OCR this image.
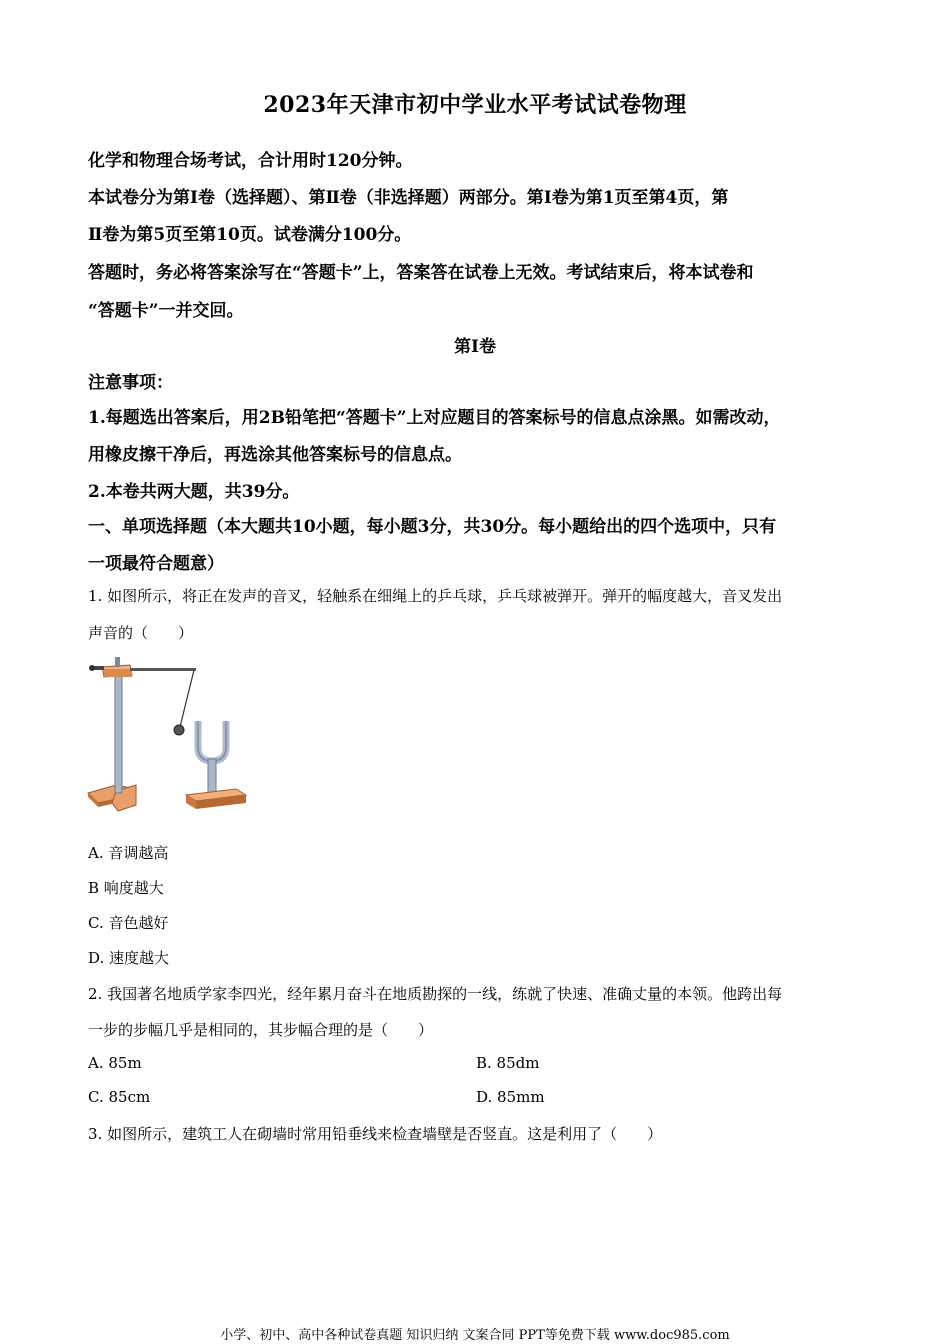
2023年天津市初中学业水平考试试卷物理
化学和物理合场考试，合计用时120分钟。
本试卷分为第Ⅰ卷（选择题）、第Ⅱ卷（非选择题）两部分。第Ⅰ卷为第1页至第4页，第
Ⅱ卷为第5页至第10页。试卷满分100分。
答题时，务必将答案涂写在“答题卡”上，答案答在试卷上无效。考试结束后，将本试卷和
“答题卡”一并交回。
第Ⅰ卷
注意事项：
1.每题选出答案后，用2B铅笔把“答题卡”上对应题目的答案标号的信息点涂黑。如需改动，
用橡皮擦干净后，再选涂其他答案标号的信息点。
2.本卷共两大题，共39分。
一、单项选择题（本大题共10小题，每小题3分，共30分。每小题给出的四个选项中，只有
一项最符合题意）
1. 如图所示，将正在发声的音叉，轻触系在细绳上的乒乓球，乒乓球被弹开。弹开的幅度越大，音叉发出
声音的（　　）
A. 音调越高
B 响度越大
C. 音色越好
D. 速度越大
2. 我国著名地质学家李四光，经年累月奋斗在地质勘探的一线，练就了快速、准确丈量的本领。他跨出每
一步的步幅几乎是相同的，其步幅合理的是（　　）
A. 85m	B. 85dm
C. 85cm	D. 85mm
3. 如图所示，建筑工人在砌墙时常用铅垂线来检查墙壁是否竖直。这是利用了（　　）
小学、初中、高中各种试卷真题 知识归纳 文案合同 PPT等免费下载 www.doc985.com
